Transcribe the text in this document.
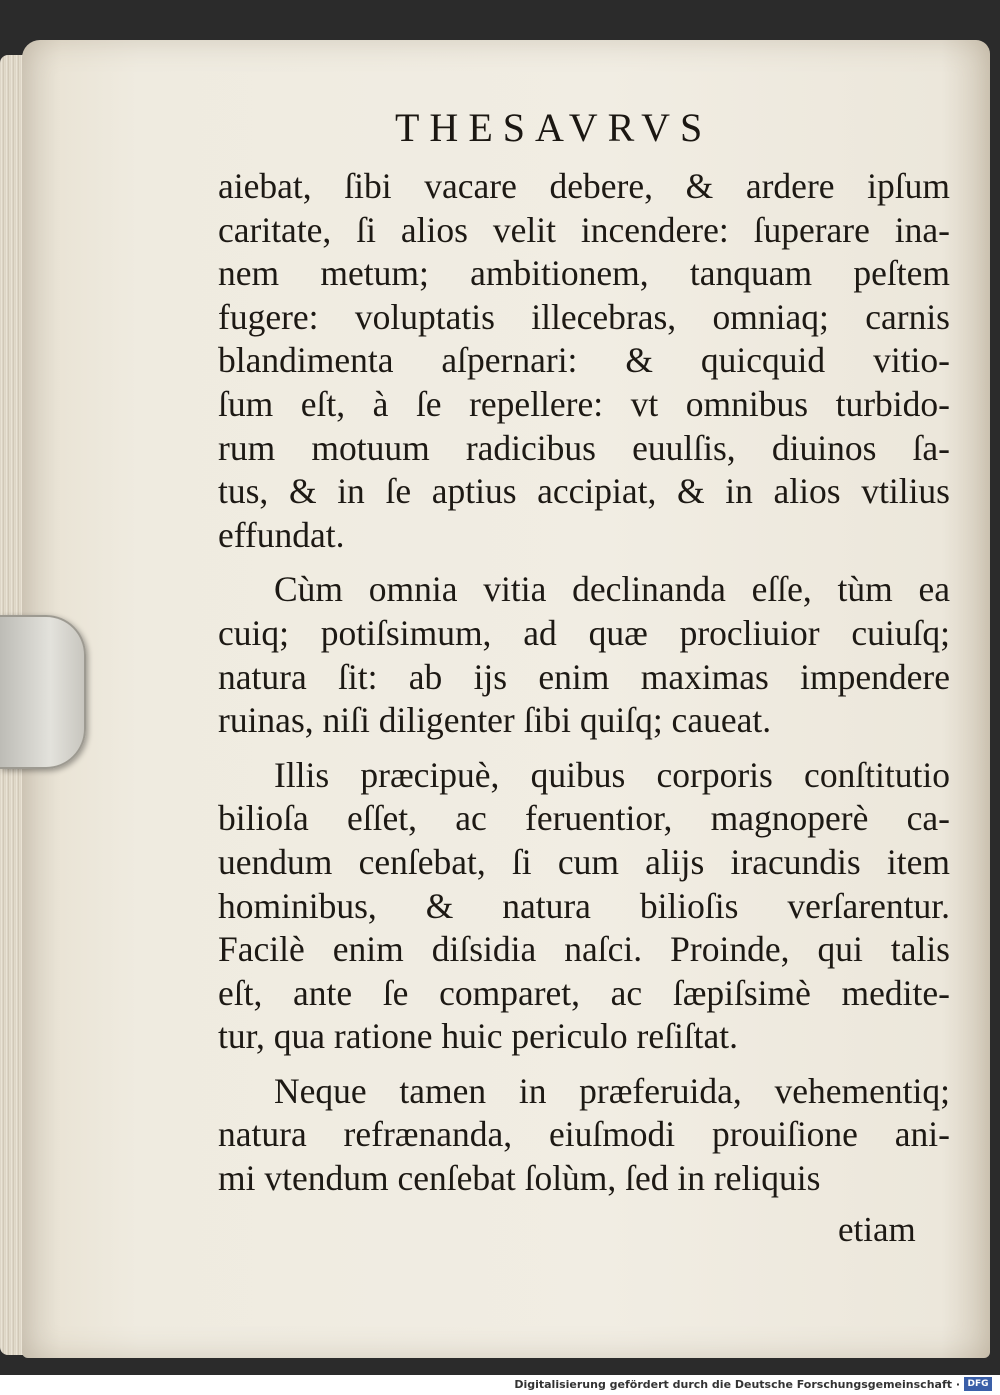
THESAVRVS

aiebat, ſibi vacare debere, & ardere ipſum
caritate, ſi alios velit incendere: ſuperare ina-
nem metum; ambitionem, tanquam peſtem
fugere: voluptatis illecebras, omniaq; carnis
blandimenta aſpernari: & quicquid vitio-
ſum eſt, à ſe repellere: vt omnibus turbido-
rum motuum radicibus euulſis, diuinos ſa-
tus, & in ſe aptius accipiat, & in alios vtilius
effundat.

Cùm omnia vitia declinanda eſſe, tùm ea
cuiq; potiſsimum, ad quæ procliuior cuiuſq;
natura ſit: ab ijs enim maximas impendere
ruinas, niſi diligenter ſibi quiſq; caueat.

Illis præcipuè, quibus corporis conſtitutio
bilioſa eſſet, ac feruentior, magnoperè ca-
uendum cenſebat, ſi cum alijs iracundis item
hominibus, & natura bilioſis verſarentur.
Facilè enim diſsidia naſci. Proinde, qui talis
eſt, ante ſe comparet, ac ſæpiſsimè medite-
tur, qua ratione huic periculo reſiſtat.

Neque tamen in præferuida, vehementiq;
natura refrænanda, eiuſmodi prouiſione ani-
mi vtendum cenſebat ſolùm, ſed in reliquis

etiam
Digitalisierung gefördert durch die Deutsche Forschungsgemeinschaft · DFG
